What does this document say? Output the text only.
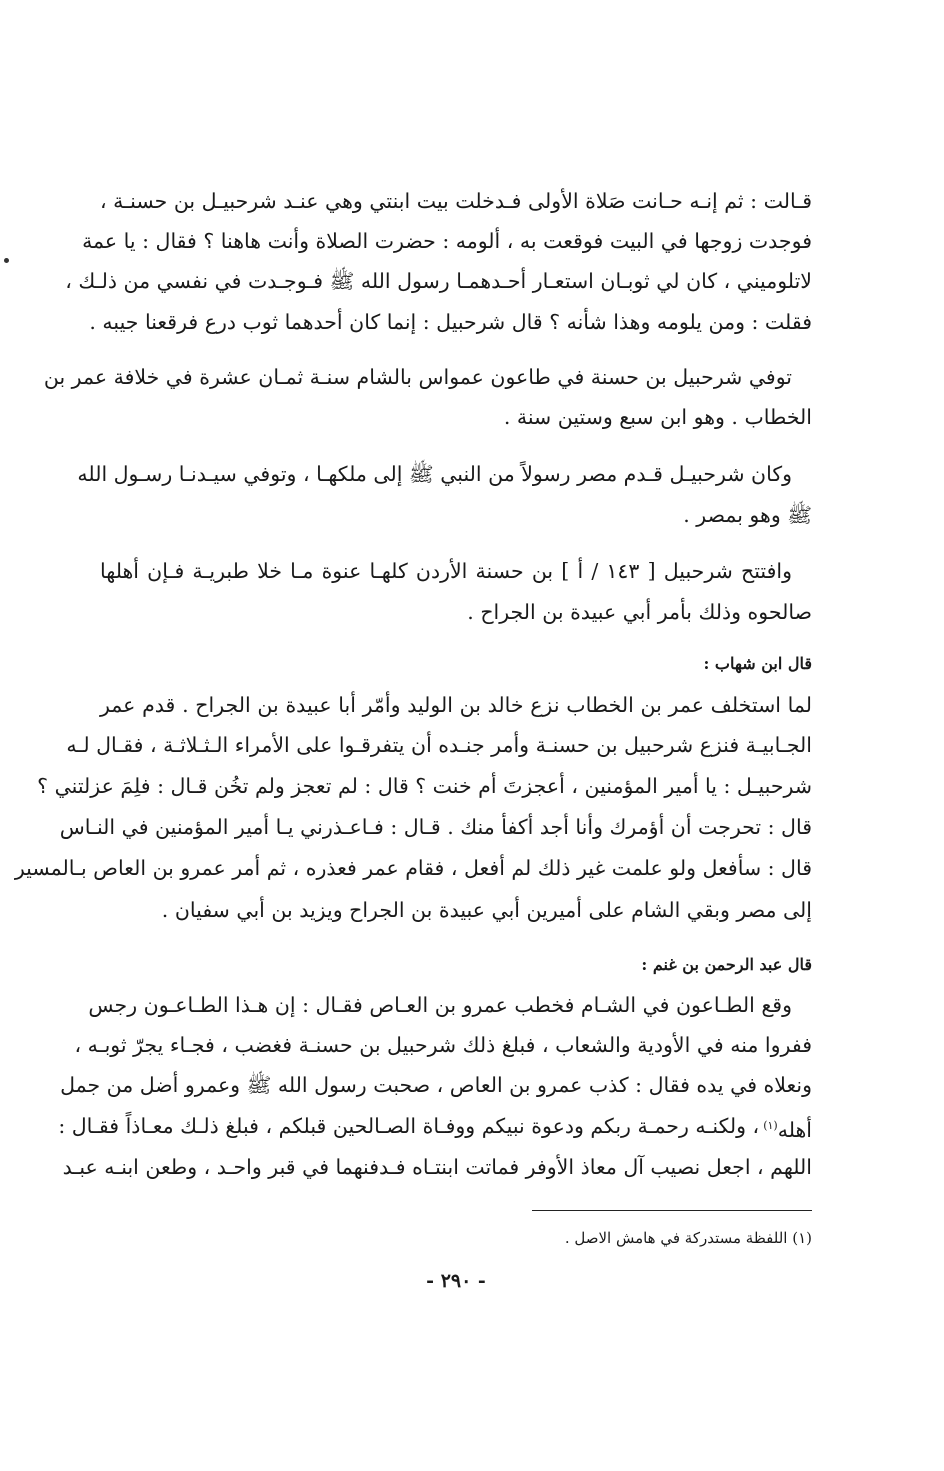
قـالت : ثم إنـه حـانت صَلاة الأولى فـدخلت بيت ابنتي وهي عنـد شرحبيـل بن حسنـة ،
فوجدت زوجها في البيت فوقعت به ، ألومه : حضرت الصلاة وأنت هاهنا ؟ فقال : يا عمة
لاتلوميني ، كان لي ثوبـان استعـار أحـدهمـا رسول الله ﷺ فـوجـدت في نفسي من ذلـك ،
فقلت : ومن يلومه وهذا شأنه ؟ قال شرحبيل : إنما كان أحدهما ثوب درع فرقعنا جيبه .
توفي شرحبيل بن حسنة في طاعون عمواس بالشام سنـة ثمـان عشرة في خلافة عمر بن
الخطاب . وهو ابن سبع وستين سنة .
وكان شرحبيـل قـدم مصر رسولاً من النبي ﷺ إلى ملكهـا ، وتوفي سيـدنـا رسـول الله
ﷺ وهو بمصر .
وافتتح شرحبيل [ ١٤٣ / أ ] بن حسنة الأردن كلهـا عنوة مـا خلا طبريـة فـإن أهلها
صالحوه وذلك بأمر أبي عبيدة بن الجراح .
قال ابن شهاب :
لما استخلف عمر بن الخطاب نزع خالد بن الوليد وأمّر أبا عبيدة بن الجراح . قدم عمر
الجـابيـة فنزع شرحبيل بن حسنـة وأمر جنـده أن يتفرقـوا على الأمراء الـثـلاثـة ، فقـال لـه
شرحبيـل : يا أمير المؤمنين ، أعجزتَ أم خنت ؟ قال : لم تعجز ولم تخُن قـال : فلِمَ عزلتني ؟
قال : تحرجت أن أؤمرك وأنا أجد أكفأ منك . قـال : فـاعـذرني يـا أمير المؤمنين في النـاس
قال : سأفعل ولو علمت غير ذلك لم أفعل ، فقام عمر فعذره ، ثم أمر عمرو بن العاص بـالمسير
إلى مصر وبقي الشام على أميرين أبي عبيدة بن الجراح ويزيد بن أبي سفيان .
قال عبد الرحمن بن غنم :
وقع الطـاعون في الشـام فخطب عمرو بن العـاص فقـال : إن هـذا الطـاعـون رجس
ففروا منه في الأودية والشعاب ، فبلغ ذلك شرحبيل بن حسنـة فغضب ، فجـاء يجرّ ثوبـه ،
ونعلاه في يده فقال : كذب عمرو بن العاص ، صحبت رسول الله ﷺ وعمرو أضل من جمل
أهله$^{(١)}$
، ولكنـه رحمـة ربكم ودعوة نبيكم ووفـاة الصـالحين قبلكم ، فبلغ ذلـك معـاذاً فقـال :
اللهم ، اجعل نصيب آل معاذ الأوفر فماتت ابنتـاه فـدفنهما في قبر واحـد ، وطعن ابنـه عبـد
(١) اللفظة مستدركة في هامش الاصل .
- ٢٩٠ -
